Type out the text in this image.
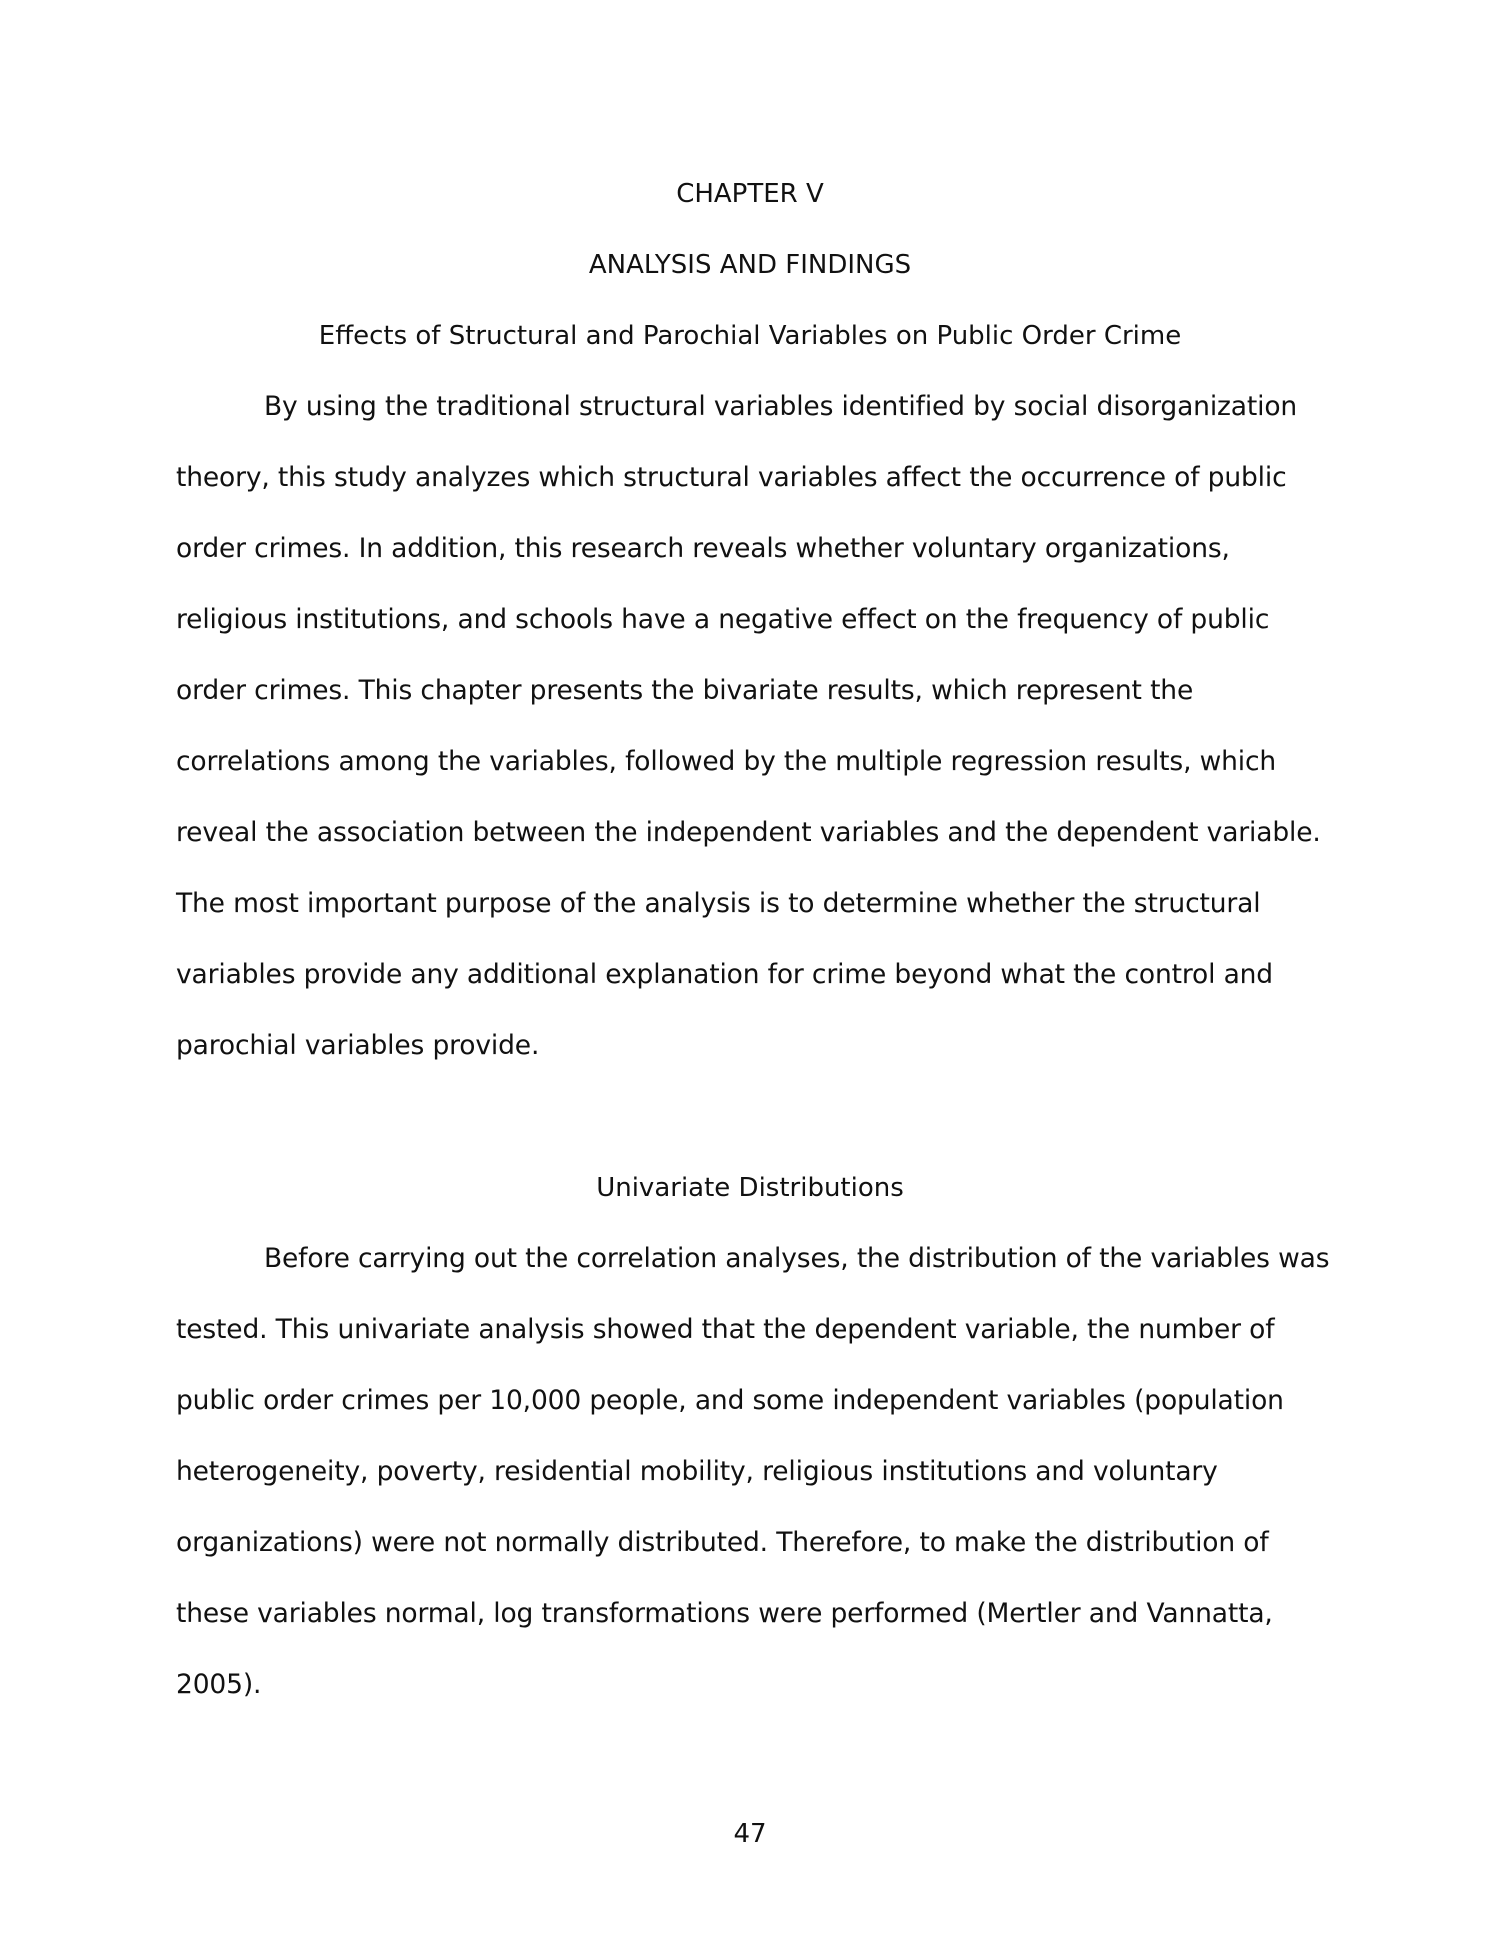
CHAPTER V
ANALYSIS AND FINDINGS
Effects of Structural and Parochial Variables on Public Order Crime
By using the traditional structural variables identified by social disorganization
theory, this study analyzes which structural variables affect the occurrence of public
order crimes. In addition, this research reveals whether voluntary organizations,
religious institutions, and schools have a negative effect on the frequency of public
order crimes. This chapter presents the bivariate results, which represent the
correlations among the variables, followed by the multiple regression results, which
reveal the association between the independent variables and the dependent variable.
The most important purpose of the analysis is to determine whether the structural
variables provide any additional explanation for crime beyond what the control and
parochial variables provide.
Univariate Distributions
Before carrying out the correlation analyses, the distribution of the variables was
tested. This univariate analysis showed that the dependent variable, the number of
public order crimes per 10,000 people, and some independent variables (population
heterogeneity, poverty, residential mobility, religious institutions and voluntary
organizations) were not normally distributed. Therefore, to make the distribution of
these variables normal, log transformations were performed (Mertler and Vannatta,
2005).
47
